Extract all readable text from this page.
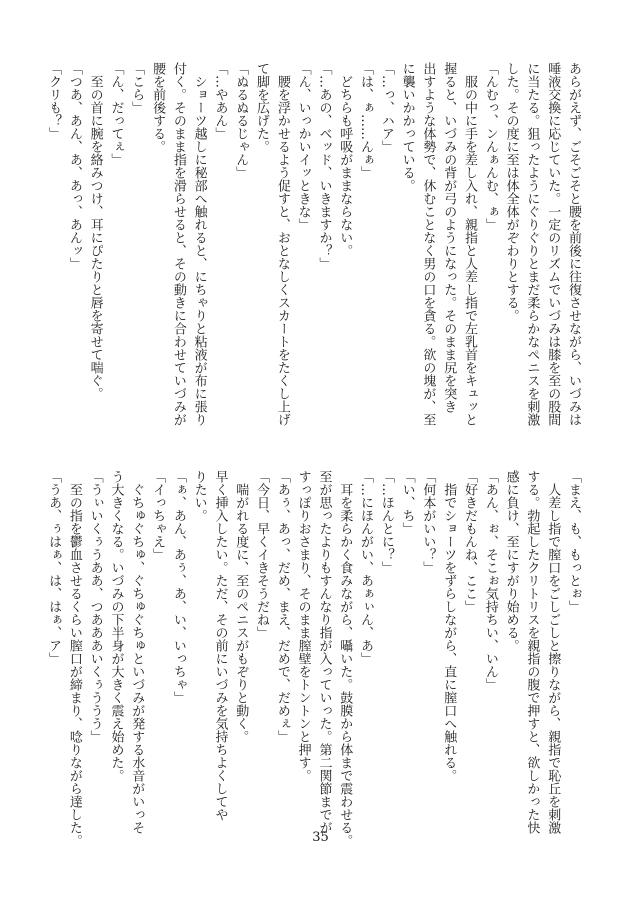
あらがえず、ごそごそと腰を前後に往復させながら、いづみは
唾液交換に応じていた。一定のリズムでいづみは膝を至の股間
に当たる。狙ったようにぐりぐりとまだ柔らかなペニスを刺激
した。その度に至は体全体がぞわりとする。
「んむっ、ンんぁんむ、ぁ」
　服の中に手を差し入れ、親指と人差し指で左乳首をキュッと
握ると、いづみの背が弓のようになった。そのまま尻を突き
出すような体勢で、休むことなく男の口を貪る。欲の塊が、至
に襲いかかっている。
「…っ、ハア」
「は、ぁ……んぁ」
　どちらも呼吸がままならない。
「…あの、ベッド、いきますか？」
「ん、いっかいイッときな」
　腰を浮かせるよう促すと、おとなしくスカートをたくし上げ
て脚を広げた。
「ぬるぬるじゃん」
「…やあん」
　ショーツ越しに秘部へ触れると、にちゃりと粘液が布に張り
付く。そのまま指を滑らせると、その動きに合わせていづみが
腰を前後する。
「こら」
「ん、だってぇ」
　至の首に腕を絡みつけ、耳にぴたりと唇を寄せて喘ぐ。
「つあ、あん、あ、あっ、あんッ」
「クリも？」
「まえ、も、もっとぉ」
　人差し指で膣口をごしごしと擦りながら、親指で恥丘を刺激
する。勃起したクリトリスを親指の腹で押すと、欲しかった快
感に負け、至にすがり始める。
「あん、ぉ、そこぉ気持ちい、いん」
「好きだもんね、ここ」
　指でショーツをずらしながら、直に膣口へ触れる。
「何本がいい？」
「い、ち」
「…ほんとに？」
「…にほんがい、あぁぃん、あ」
　耳を柔らかく食みながら、囁いた。鼓膜から体まで震わせる。
至が思ったよりもすんなり指が入っていった。第二関節までが
すっぽりおさまり、そのまま膣壁をトントンと押す。
「あぅ、あっ、だめ、まえ、だめで、だめぇ」
「今日、早くイきそうだね」
　喘がれる度に、至のペニスがもぞりと動く。
早く挿入したい。ただ、その前にいづみを気持ちよくしてや
りたい。
「ぁ、あん、あぅ、あ、い、いっちゃ」
「イっちゃえ」
　ぐちゅぐちゅ、ぐちゅぐちゅといづみが発する水音がいっそ
う大きくなる。いづみの下半身が大きく震え始めた。
「うぃいくぅうああ、つあああいくぅううう」
　至の指を鬱血させるくらい膣口が締まり、唸りながら達した。
「うあ、ぅはぁ、は、はぁ、ア」
35
